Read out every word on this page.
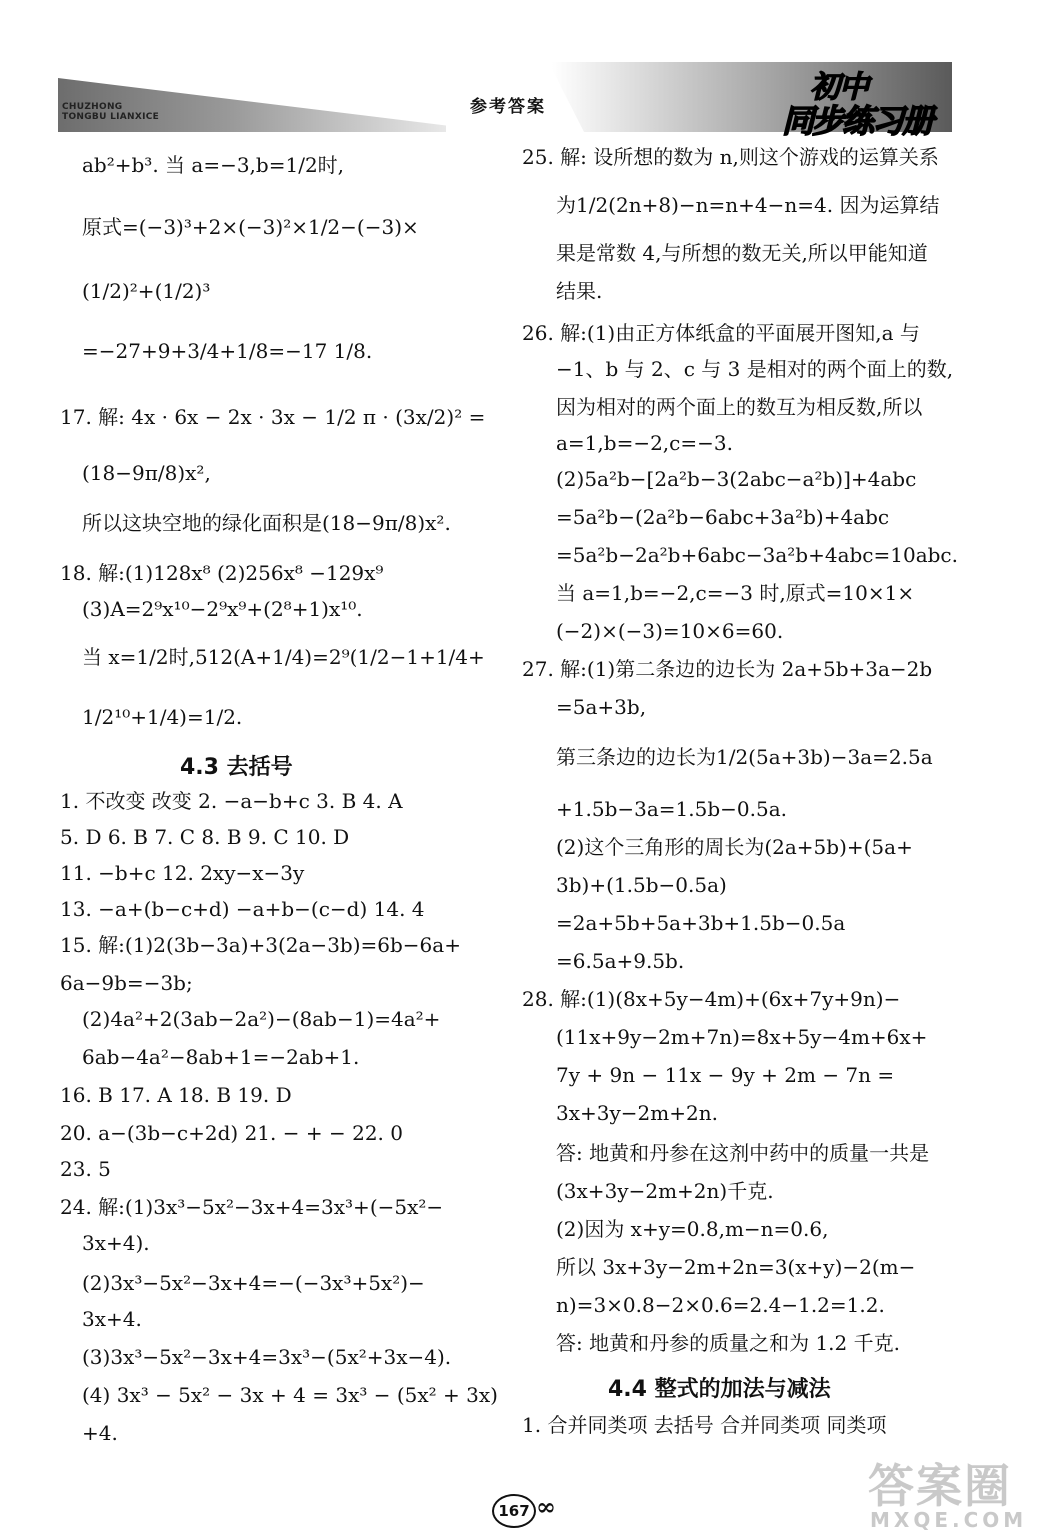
CHUZHONG
TONGBU LIANXICE	参考答案
初中
同步练习册
ab²+b³. 当 a=−3,b=1/2时,
原式=(−3)³+2×(−3)²×1/2−(−3)×
(1/2)²+(1/2)³
=−27+9+3/4+1/8=−17 1/8.
17. 解: 4x · 6x − 2x · 3x − 1/2 π · (3x/2)² =
(18−9π/8)x²,
所以这块空地的绿化面积是(18−9π/8)x².
18. 解:(1)128x⁸ (2)256x⁸ −129x⁹
(3)A=2⁹x¹⁰−2⁹x⁹+(2⁸+1)x¹⁰.
当 x=1/2时,512(A+1/4)=2⁹(1/2−1+1/4+
1/2¹⁰+1/4)=1/2.
4.3 去括号
1. 不改变 改变 2. −a−b+c 3. B 4. A
5. D 6. B 7. C 8. B 9. C 10. D
11. −b+c 12. 2xy−x−3y
13. −a+(b−c+d) −a+b−(c−d) 14. 4
15. 解:(1)2(3b−3a)+3(2a−3b)=6b−6a+
6a−9b=−3b;
(2)4a²+2(3ab−2a²)−(8ab−1)=4a²+
6ab−4a²−8ab+1=−2ab+1.
16. B 17. A 18. B 19. D
20. a−(3b−c+2d) 21. − + − 22. 0
23. 5
24. 解:(1)3x³−5x²−3x+4=3x³+(−5x²−
3x+4).
(2)3x³−5x²−3x+4=−(−3x³+5x²)−
3x+4.
(3)3x³−5x²−3x+4=3x³−(5x²+3x−4).
(4) 3x³ − 5x² − 3x + 4 = 3x³ − (5x² + 3x)
+4.
25. 解: 设所想的数为 n,则这个游戏的运算关系
为1/2(2n+8)−n=n+4−n=4. 因为运算结
果是常数 4,与所想的数无关,所以甲能知道
结果.
26. 解:(1)由正方体纸盒的平面展开图知,a 与
−1、b 与 2、c 与 3 是相对的两个面上的数,
因为相对的两个面上的数互为相反数,所以
a=1,b=−2,c=−3.
(2)5a²b−[2a²b−3(2abc−a²b)]+4abc
=5a²b−(2a²b−6abc+3a²b)+4abc
=5a²b−2a²b+6abc−3a²b+4abc=10abc.
当 a=1,b=−2,c=−3 时,原式=10×1×
(−2)×(−3)=10×6=60.
27. 解:(1)第二条边的边长为 2a+5b+3a−2b
=5a+3b,
第三条边的边长为1/2(5a+3b)−3a=2.5a
+1.5b−3a=1.5b−0.5a.
(2)这个三角形的周长为(2a+5b)+(5a+
3b)+(1.5b−0.5a)
=2a+5b+5a+3b+1.5b−0.5a
=6.5a+9.5b.
28. 解:(1)(8x+5y−4m)+(6x+7y+9n)−
(11x+9y−2m+7n)=8x+5y−4m+6x+
7y + 9n − 11x − 9y + 2m − 7n =
3x+3y−2m+2n.
答: 地黄和丹参在这剂中药中的质量一共是
(3x+3y−2m+2n)千克.
(2)因为 x+y=0.8,m−n=0.6,
所以 3x+3y−2m+2n=3(x+y)−2(m−
n)=3×0.8−2×0.6=2.4−1.2=1.2.
答: 地黄和丹参的质量之和为 1.2 千克.
4.4 整式的加法与减法
1. 合并同类项 去括号 合并同类项 同类项
167 ∞	答案圈
MXQE.COM
